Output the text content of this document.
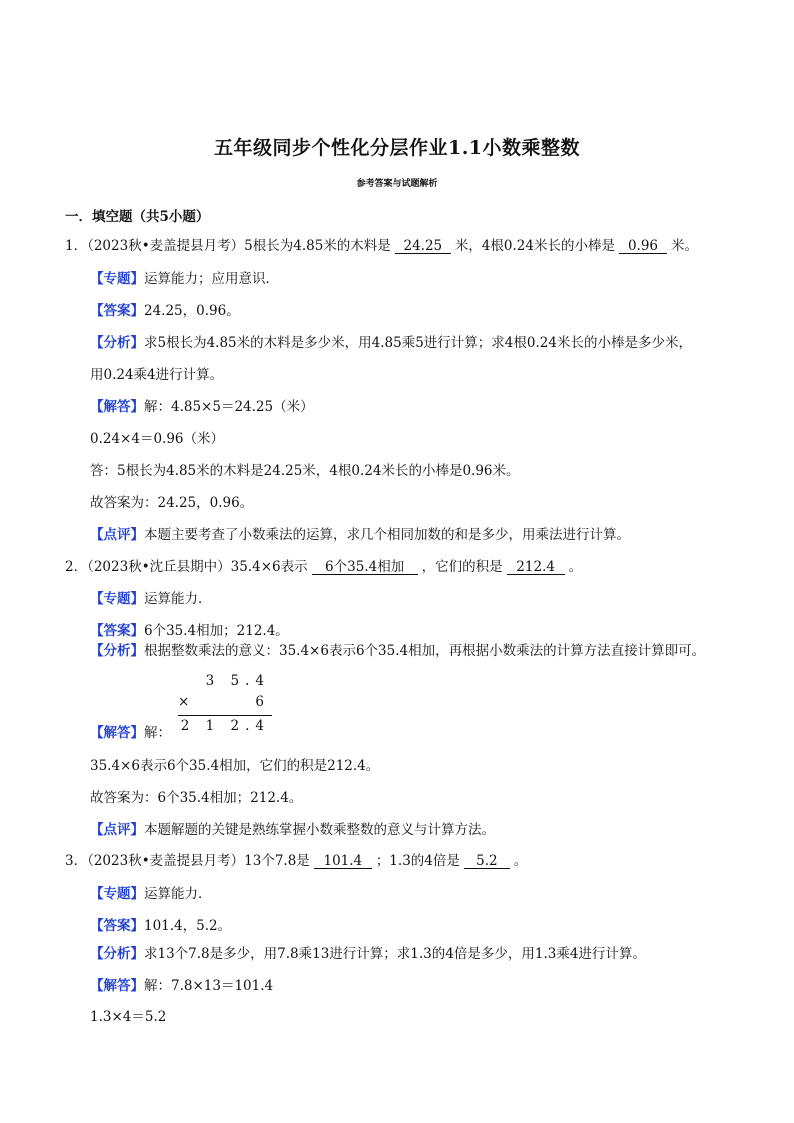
五年级同步个性化分层作业1.1小数乘整数
参考答案与试题解析
一．填空题（共5小题）
1．（2023秋•麦盖提县月考）5根长为4.85米的木料是 24.25 米，4根0.24米长的小棒是 0.96 米。
【专题】运算能力；应用意识．
【答案】24.25，0.96。
【分析】求5根长为4.85米的木料是多少米，用4.85乘5进行计算；求4根0.24米长的小棒是多少米，
用0.24乘4进行计算。
【解答】解：4.85×5＝24.25（米）
0.24×4＝0.96（米）
答：5根长为4.85米的木料是24.25米，4根0.24米长的小棒是0.96米。
故答案为：24.25，0.96。
【点评】本题主要考查了小数乘法的运算，求几个相同加数的和是多少，用乘法进行计算。
2．（2023秋•沈丘县期中）35.4×6表示 6个35.4相加 ，它们的积是 212.4 。
【专题】运算能力．
【答案】6个35.4相加；212.4。
【分析】根据整数乘法的意义：35.4×6表示6个35.4相加，再根据小数乘法的计算方法直接计算即可。
3 5.4
×	6
2 1 2.4
【解答】解：
35.4×6表示6个35.4相加，它们的积是212.4。
故答案为：6个35.4相加；212.4。
【点评】本题解题的关键是熟练掌握小数乘整数的意义与计算方法。
3．（2023秋•麦盖提县月考）13个7.8是 101.4 ；1.3的4倍是 5.2 。
【专题】运算能力．
【答案】101.4，5.2。
【分析】求13个7.8是多少，用7.8乘13进行计算；求1.3的4倍是多少，用1.3乘4进行计算。
【解答】解：7.8×13＝101.4
1.3×4＝5.2
